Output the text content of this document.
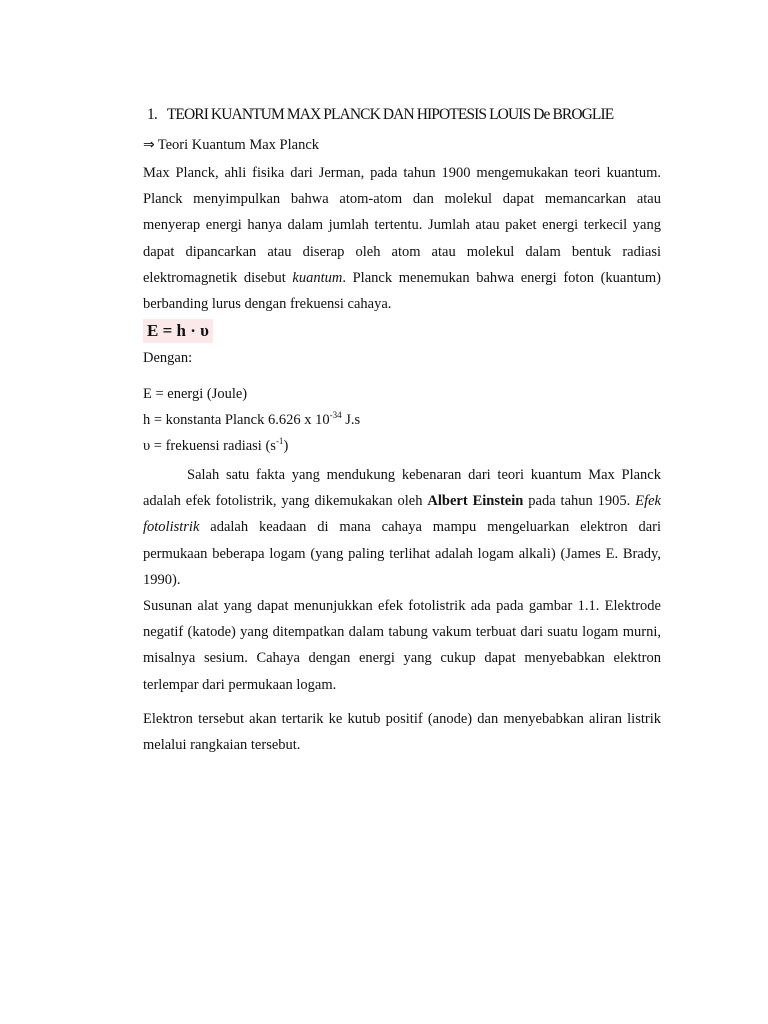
1. TEORI KUANTUM MAX PLANCK DAN HIPOTESIS LOUIS De BROGLIE
⇒ Teori Kuantum Max Planck
Max Planck, ahli fisika dari Jerman, pada tahun 1900 mengemukakan teori kuantum. Planck menyimpulkan bahwa atom-atom dan molekul dapat memancarkan atau menyerap energi hanya dalam jumlah tertentu. Jumlah atau paket energi terkecil yang dapat dipancarkan atau diserap oleh atom atau molekul dalam bentuk radiasi elektromagnetik disebut kuantum. Planck menemukan bahwa energi foton (kuantum) berbanding lurus dengan frekuensi cahaya.
E = h · υ
Dengan:
E = energi (Joule)
h = konstanta Planck 6.626 x $10^{-34}$ J.s
υ = frekuensi radiasi $(s^{-1})$
Salah satu fakta yang mendukung kebenaran dari teori kuantum Max Planck adalah efek fotolistrik, yang dikemukakan oleh Albert Einstein pada tahun 1905. Efek fotolistrik adalah keadaan di mana cahaya mampu mengeluarkan elektron dari permukaan beberapa logam (yang paling terlihat adalah logam alkali) (James E. Brady, 1990).
Susunan alat yang dapat menunjukkan efek fotolistrik ada pada gambar 1.1. Elektrode negatif (katode) yang ditempatkan dalam tabung vakum terbuat dari suatu logam murni, misalnya sesium. Cahaya dengan energi yang cukup dapat menyebabkan elektron terlempar dari permukaan logam.
Elektron tersebut akan tertarik ke kutub positif (anode) dan menyebabkan aliran listrik melalui rangkaian tersebut.
